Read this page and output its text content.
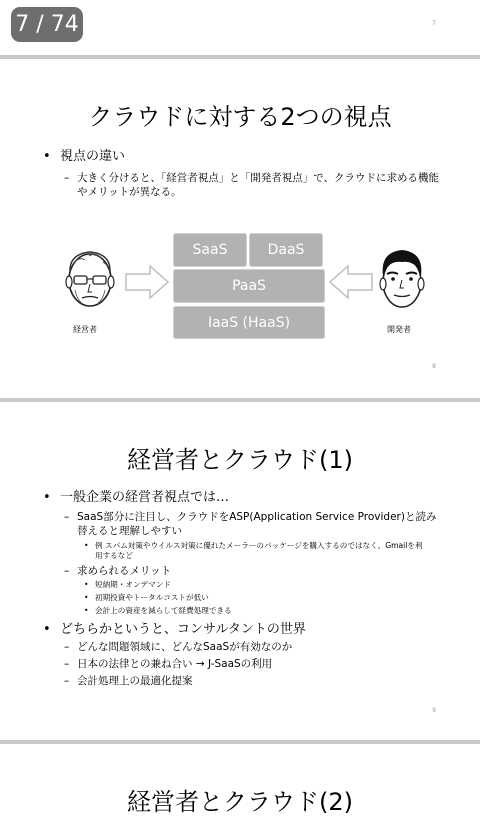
7 / 74	7
クラウドに対する2つの視点
視点の違い
– 大きく分けると、「経営者視点」と「開発者視点」で、クラウドに求める機能やメリットが異なる。
SaaS	DaaS
PaaS
IaaS (HaaS)
経営者	開発者
8
経営者とクラウド(1)
一般企業の経営者視点では…
– SaaS部分に注目し、クラウドをASP(Application Service Provider)と読み替えると理解しやすい
• 例 スパム対策やウイルス対策に優れたメーラーのパッケージを購入するのではなく、Gmailを利用するなど
– 求められるメリット
• 短納期・オンデマンド
• 初期投資やトータルコストが低い
• 会計上の資産を減らして経費処理できる
どちらかというと、コンサルタントの世界
– どんな問題領域に、どんなSaaSが有効なのか
– 日本の法律との兼ね合い → J-SaaSの利用
– 会計処理上の最適化提案
9
経営者とクラウド(2)
